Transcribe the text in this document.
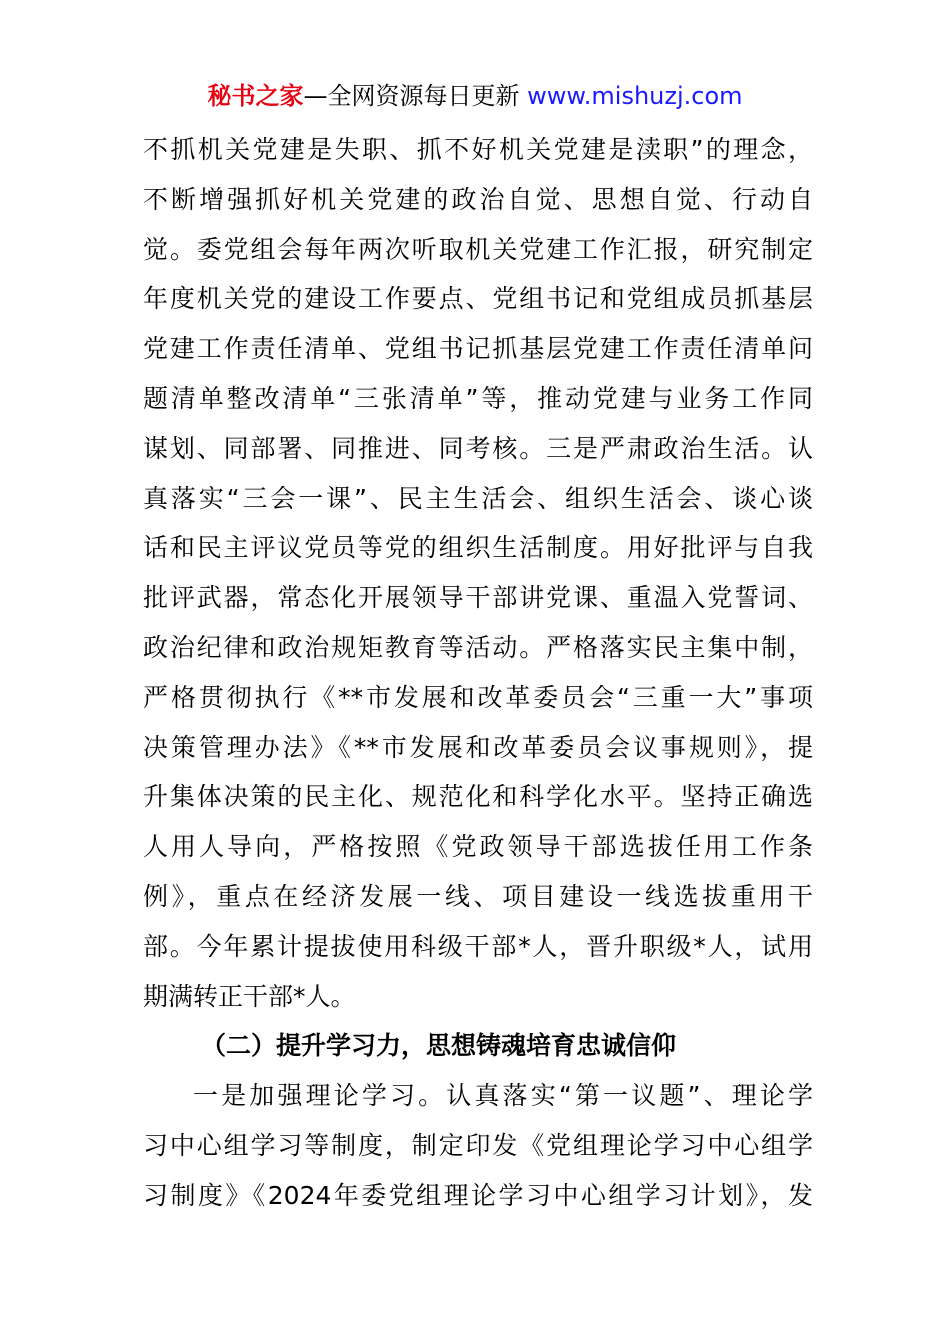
秘书之家—全网资源每日更新 www.mishuzj.com
不抓机关党建是失职、抓不好机关党建是渎职”的理念，
不断增强抓好机关党建的政治自觉、思想自觉、行动自
觉。委党组会每年两次听取机关党建工作汇报，研究制定
年度机关党的建设工作要点、党组书记和党组成员抓基层
党建工作责任清单、党组书记抓基层党建工作责任清单问
题清单整改清单“三张清单”等，推动党建与业务工作同
谋划、同部署、同推进、同考核。三是严肃政治生活。认
真落实“三会一课”、民主生活会、组织生活会、谈心谈
话和民主评议党员等党的组织生活制度。用好批评与自我
批评武器，常态化开展领导干部讲党课、重温入党誓词、
政治纪律和政治规矩教育等活动。严格落实民主集中制，
严格贯彻执行《**市发展和改革委员会“三重一大”事项
决策管理办法》《**市发展和改革委员会议事规则》，提
升集体决策的民主化、规范化和科学化水平。坚持正确选
人用人导向，严格按照《党政领导干部选拔任用工作条
例》，重点在经济发展一线、项目建设一线选拔重用干
部。今年累计提拔使用科级干部*人，晋升职级*人，试用
期满转正干部*人。
（二）提升学习力，思想铸魂培育忠诚信仰
一是加强理论学习。认真落实“第一议题”、理论学
习中心组学习等制度，制定印发《党组理论学习中心组学
习制度》《2024年委党组理论学习中心组学习计划》，发
